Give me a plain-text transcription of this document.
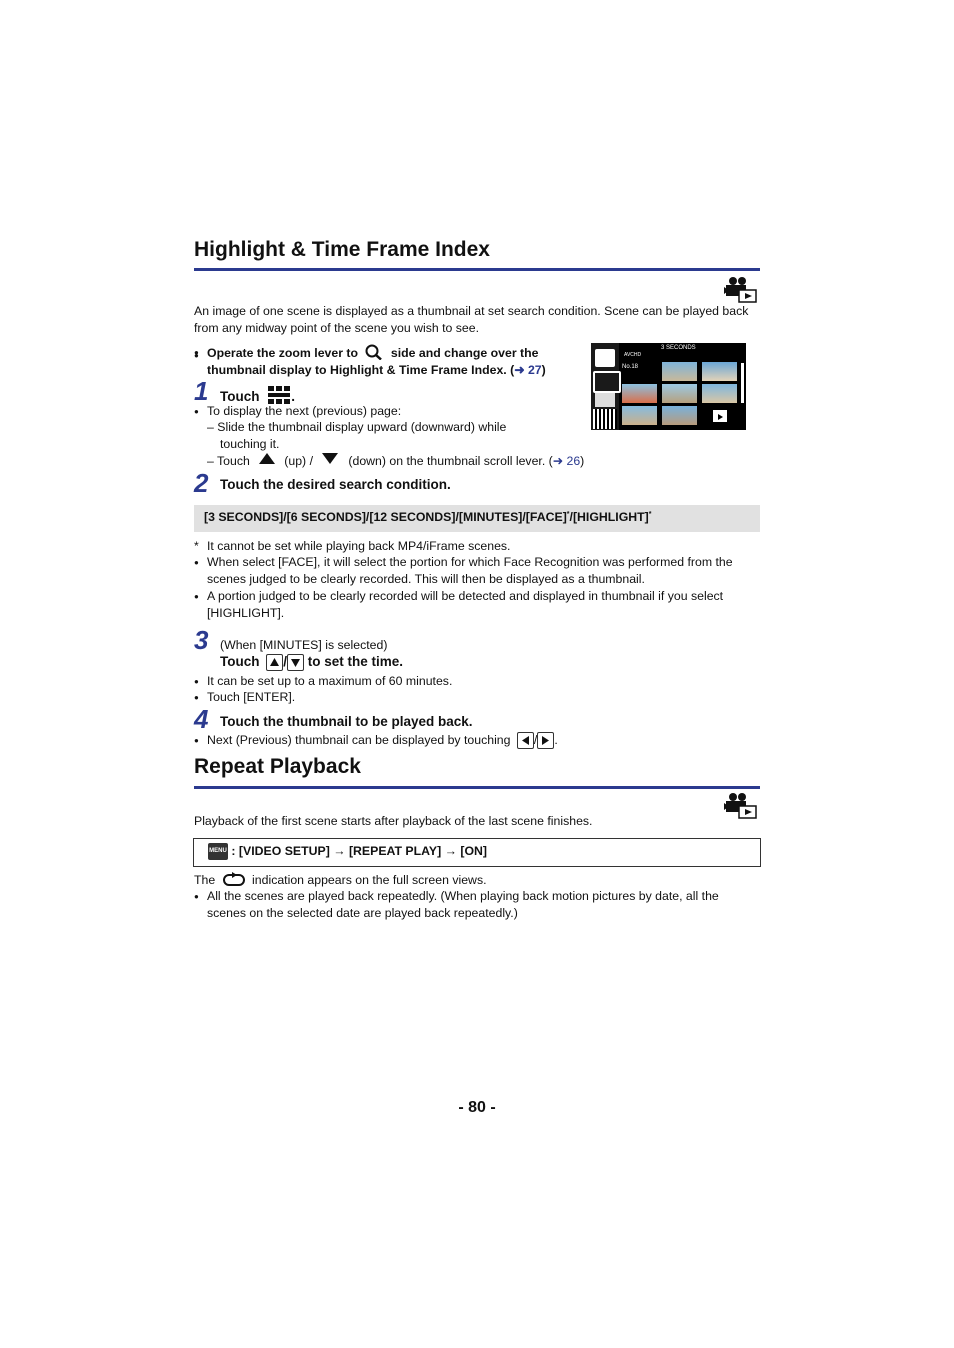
Highlight & Time Frame Index
An image of one scene is displayed as a thumbnail at set search condition. Scene can be played back from any midway point of the scene you wish to see.
Operate the zoom lever to	side and change over the
thumbnail display to Highlight & Time Frame Index. (➜ 27)
●	AVCHD
3 SECONDS
No.18
1 Touch .
● To display the next (previous) page:
– Slide the thumbnail display upward (downward) while
touching it.
– Touch	(up) /	(down) on the thumbnail scroll lever. (➜ 26)
2 Touch the desired search condition.
[3 SECONDS]/[6 SECONDS]/[12 SECONDS]/[MINUTES]/[FACE]*/[HIGHLIGHT]*
* It cannot be set while playing back MP4/iFrame scenes.
● When select [FACE], it will select the portion for which Face Recognition was performed from the scenes judged to be clearly recorded. This will then be displayed as a thumbnail.
● A portion judged to be clearly recorded will be detected and displayed in thumbnail if you select [HIGHLIGHT].
3 (When [MINUTES] is selected)
Touch / to set the time.
● It can be set up to a maximum of 60 minutes.
● Touch [ENTER].
4 Touch the thumbnail to be played back.
● Next (Previous) thumbnail can be displayed by touching / .
Repeat Playback
Playback of the first scene starts after playback of the last scene finishes.
MENU : [VIDEO SETUP] → [REPEAT PLAY] → [ON]
The	indication appears on the full screen views.
● All the scenes are played back repeatedly. (When playing back motion pictures by date, all the scenes on the selected date are played back repeatedly.)
- 80 -
